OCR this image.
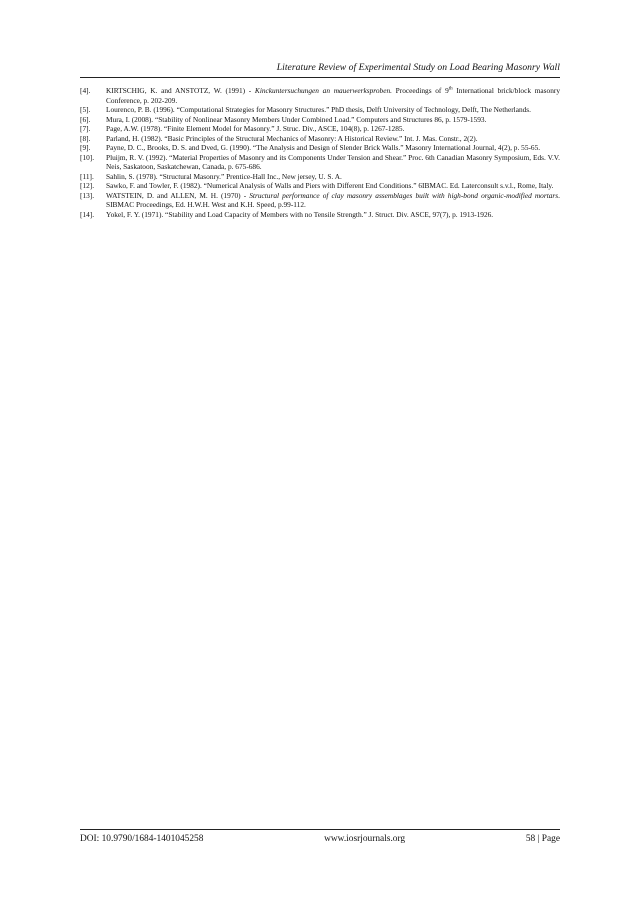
Literature Review of Experimental Study on Load Bearing Masonry Wall
[4].	KIRTSCHIG, K. and ANSTOTZ, W. (1991) - Kinckuntersuchungen an mauerwerksproben. Proceedings of 9th International brick/block masonry Conference, p. 202-209.
[5].	Lourenco, P. B. (1996). “Computational Strategies for Masonry Structures.” PhD thesis, Delft University of Technology, Delft, The Netherlands.
[6].	Mura, I. (2008). “Stability of Nonlinear Masonry Members Under Combined Load.” Computers and Structures 86, p. 1579-1593.
[7].	Page, A.W. (1978). “Finite Element Model for Masonry.” J. Struc. Div., ASCE, 104(8), p. 1267-1285.
[8].	Parland, H. (1982). “Basic Principles of the Structural Mechanics of Masonry: A Historical Review.” Int. J. Mas. Constr., 2(2).
[9].	Payne, D. C., Brooks, D. S. and Dved, G. (1990). “The Analysis and Design of Slender Brick Walls.” Masonry International Journal, 4(2), p. 55-65.
[10].	Pluijm, R. V. (1992). “Material Properties of Masonry and its Components Under Tension and Shear.” Proc. 6th Canadian Masonry Symposium, Eds. V.V. Neis, Saskatoon, Saskatchewan, Canada, p. 675-686.
[11].	Sahlin, S. (1978). “Structural Masonry.” Prentice-Hall Inc., New jersey, U. S. A.
[12].	Sawko, F. and Towler, F. (1982). “Numerical Analysis of Walls and Piers with Different End Conditions.” 6IBMAC. Ed. Laterconsult s.v.l., Rome, Italy.
[13].	WATSTEIN, D. and ALLEN, M. H. (1970) - Structural performance of clay masonry assemblages built with high-bond organic-modified mortars. SIBMAC Proceedings, Ed. H.W.H. West and K.H. Speed, p.99-112.
[14].	Yokel, F. Y. (1971). “Stability and Load Capacity of Members with no Tensile Strength.” J. Struct. Div. ASCE, 97(7), p. 1913-1926.
DOI: 10.9790/1684-1401045258	www.iosrjournals.org	58 | Page
